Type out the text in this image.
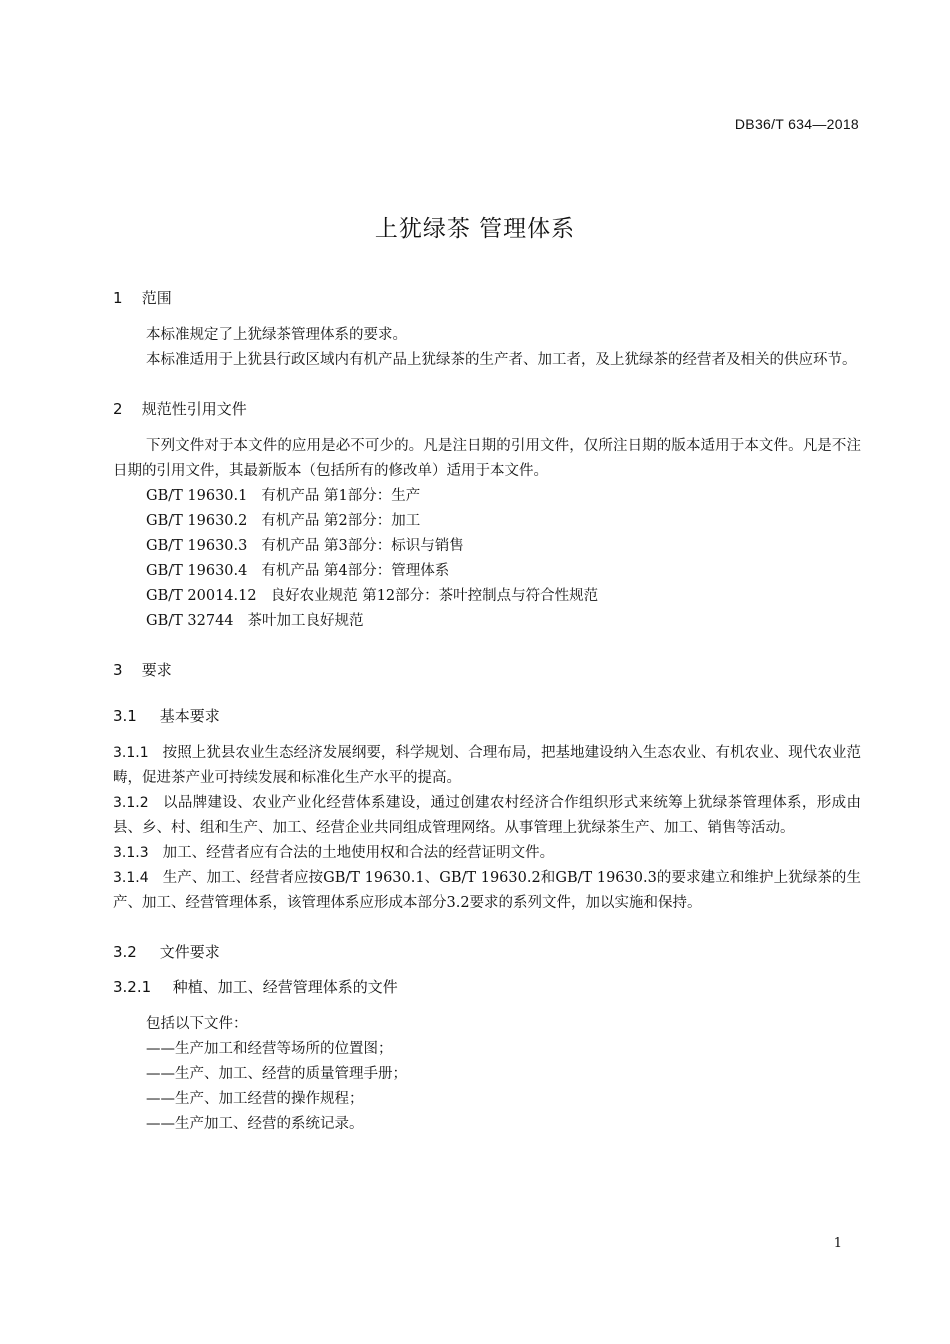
DB36/T 634—2018
上犹绿茶 管理体系
1 范围
本标准规定了上犹绿茶管理体系的要求。
本标准适用于上犹县行政区域内有机产品上犹绿茶的生产者、加工者，及上犹绿茶的经营者及相关的供应环节。
2 规范性引用文件
下列文件对于本文件的应用是必不可少的。凡是注日期的引用文件，仅所注日期的版本适用于本文件。凡是不注日期的引用文件，其最新版本（包括所有的修改单）适用于本文件。
GB/T 19630.1 有机产品 第1部分：生产
GB/T 19630.2 有机产品 第2部分：加工
GB/T 19630.3 有机产品 第3部分：标识与销售
GB/T 19630.4 有机产品 第4部分：管理体系
GB/T 20014.12 良好农业规范 第12部分：茶叶控制点与符合性规范
GB/T 32744 茶叶加工良好规范
3 要求
3.1 基本要求
3.1.1 按照上犹县农业生态经济发展纲要，科学规划、合理布局，把基地建设纳入生态农业、有机农业、现代农业范畴，促进茶产业可持续发展和标准化生产水平的提高。
3.1.2 以品牌建设、农业产业化经营体系建设，通过创建农村经济合作组织形式来统筹上犹绿茶管理体系，形成由县、乡、村、组和生产、加工、经营企业共同组成管理网络。从事管理上犹绿茶生产、加工、销售等活动。
3.1.3 加工、经营者应有合法的土地使用权和合法的经营证明文件。
3.1.4 生产、加工、经营者应按GB/T 19630.1、GB/T 19630.2和GB/T 19630.3的要求建立和维护上犹绿茶的生产、加工、经营管理体系，该管理体系应形成本部分3.2要求的系列文件，加以实施和保持。
3.2 文件要求
3.2.1 种植、加工、经营管理体系的文件
包括以下文件：
——生产加工和经营等场所的位置图；
——生产、加工、经营的质量管理手册；
——生产、加工经营的操作规程；
——生产加工、经营的系统记录。
1
